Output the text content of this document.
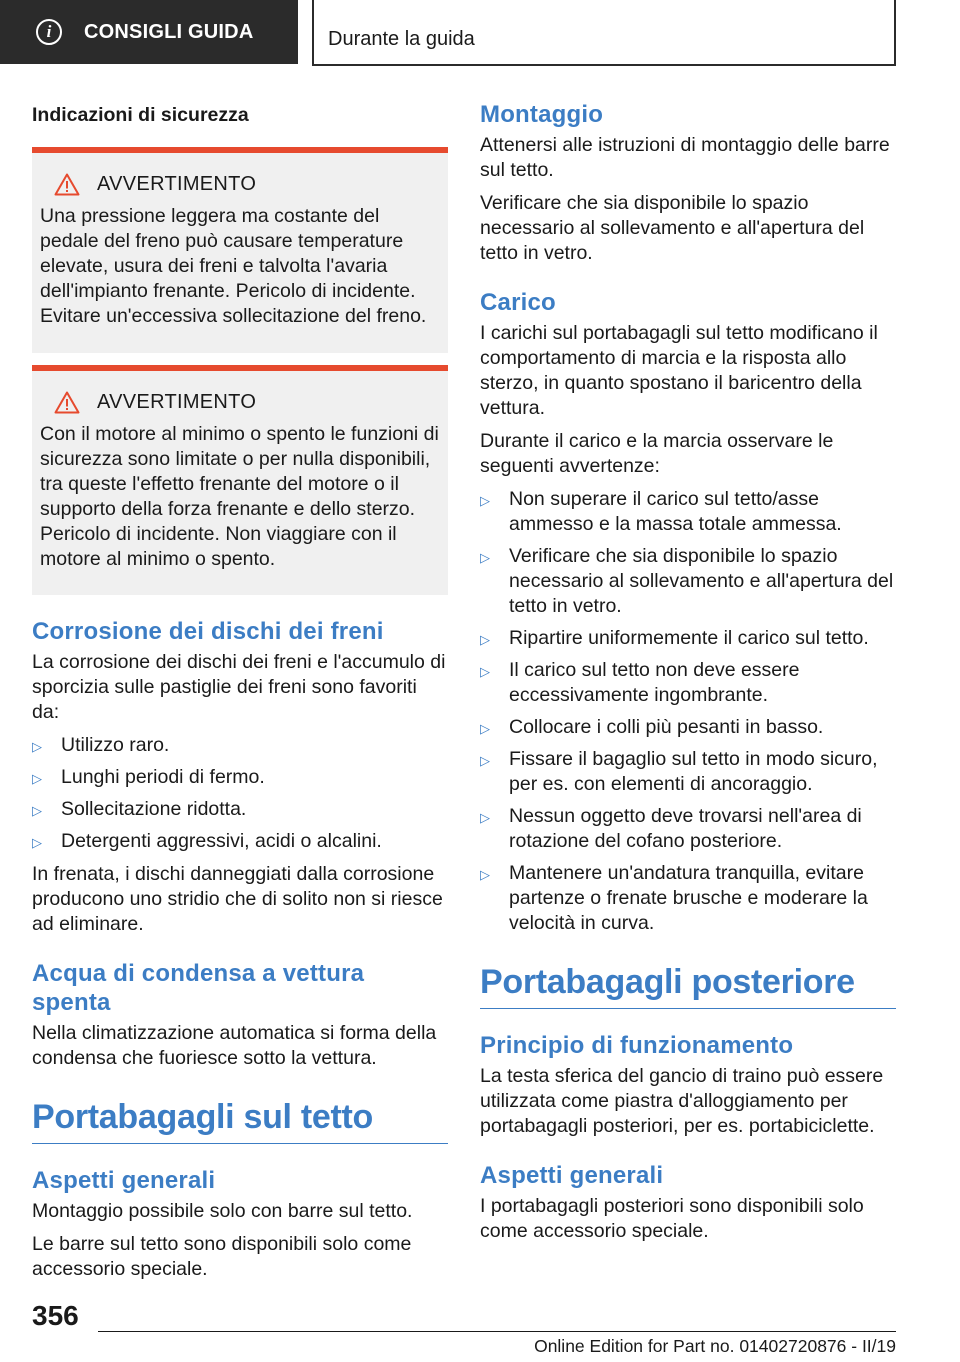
i	CONSIGLI GUIDA	Durante la guida
Indicazioni di sicurezza
AVVERTIMENTO

Una pressione leggera ma costante del pedale del freno può causare temperature elevate, usura dei freni e talvolta l'avaria dell'impianto frenante. Pericolo di incidente. Evitare un'eccessiva sollecitazione del freno.

AVVERTIMENTO

Con il motore al minimo o spento le funzioni di sicurezza sono limitate o per nulla disponibili, tra queste l'effetto frenante del motore o il supporto della forza frenante e dello sterzo. Pericolo di incidente. Non viaggiare con il motore al minimo o spento.

Corrosione dei dischi dei freni

La corrosione dei dischi dei freni e l'accumulo di sporcizia sulle pastiglie dei freni sono favoriti da:

▷ Utilizzo raro.
▷ Lunghi periodi di fermo.
▷ Sollecitazione ridotta.
▷ Detergenti aggressivi, acidi o alcalini.

In frenata, i dischi danneggiati dalla corrosione producono uno stridio che di solito non si riesce ad eliminare.

Acqua di condensa a vettura spenta

Nella climatizzazione automatica si forma della condensa che fuoriesce sotto la vettura.

Portabagagli sul tetto
Aspetti generali

Montaggio possibile solo con barre sul tetto.

Le barre sul tetto sono disponibili solo come accessorio speciale.

Montaggio

Attenersi alle istruzioni di montaggio delle barre sul tetto.

Verificare che sia disponibile lo spazio necessario al sollevamento e all'apertura del tetto in vetro.

Carico

I carichi sul portabagagli sul tetto modificano il comportamento di marcia e la risposta allo sterzo, in quanto spostano il baricentro della vettura.

Durante il carico e la marcia osservare le seguenti avvertenze:

▷ Non superare il carico sul tetto/asse ammesso e la massa totale ammessa.
▷ Verificare che sia disponibile lo spazio necessario al sollevamento e all'apertura del tetto in vetro.
▷ Ripartire uniformemente il carico sul tetto.
▷ Il carico sul tetto non deve essere eccessivamente ingombrante.
▷ Collocare i colli più pesanti in basso.
▷ Fissare il bagaglio sul tetto in modo sicuro, per es. con elementi di ancoraggio.
▷ Nessun oggetto deve trovarsi nell'area di rotazione del cofano posteriore.
▷ Mantenere un'andatura tranquilla, evitare partenze o frenate brusche e moderare la velocità in curva.
Portabagagli posteriore
Principio di funzionamento

La testa sferica del gancio di traino può essere utilizzata come piastra d'alloggiamento per portabagagli posteriori, per es. portabiciclette.

Aspetti generali

I portabagagli posteriori sono disponibili solo come accessorio speciale.

356
Online Edition for Part no. 01402720876 - II/19
